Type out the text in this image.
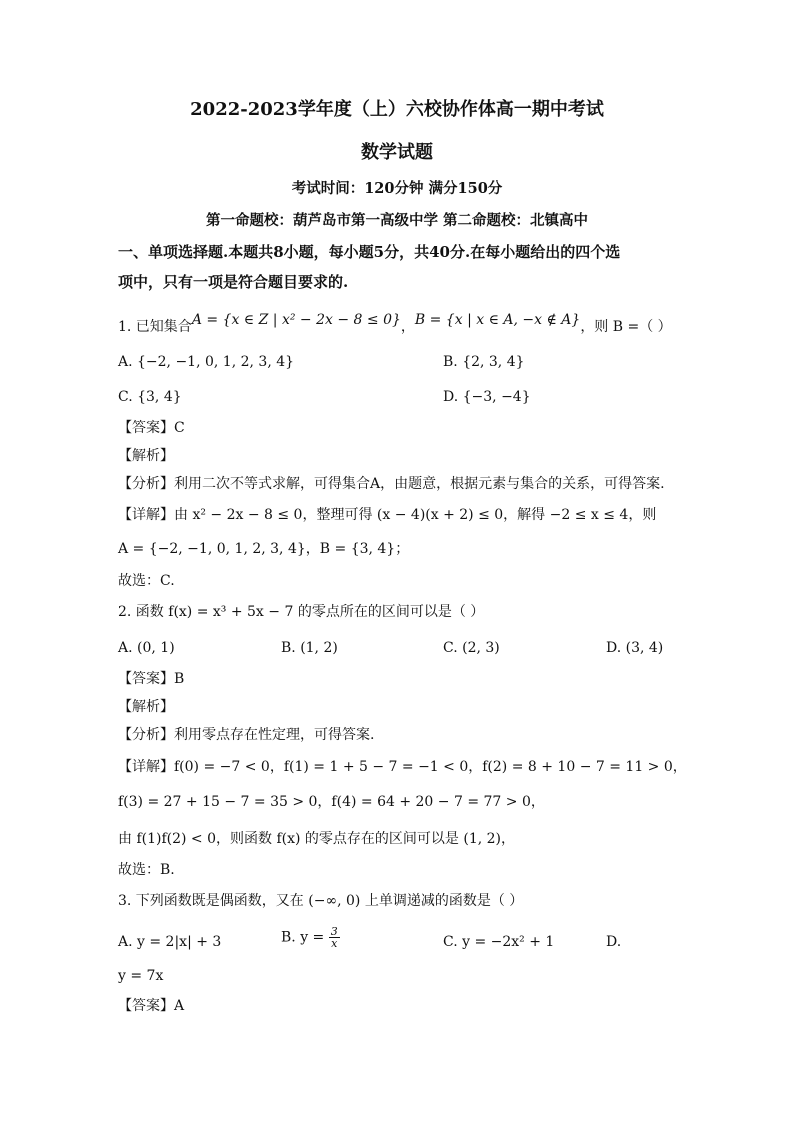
2022-2023学年度（上）六校协作体高一期中考试
数学试题
考试时间：120分钟 满分150分
第一命题校：葫芦岛市第一高级中学 第二命题校：北镇高中
一、单项选择题.本题共8小题，每小题5分，共40分.在每小题给出的四个选
项中，只有一项是符合题目要求的.
1. 已知集合A = {x ∈ Z | x² − 2x − 8 ≤ 0}，B = {x | x ∈ A, −x ∉ A}，则 B =（ ）
A. {−2, −1, 0, 1, 2, 3, 4}	B. {2, 3, 4}
C. {3, 4}	D. {−3, −4}
【答案】C
【解析】
【分析】利用二次不等式求解，可得集合A，由题意，根据元素与集合的关系，可得答案.
【详解】由 x² − 2x − 8 ≤ 0，整理可得 (x − 4)(x + 2) ≤ 0，解得 −2 ≤ x ≤ 4，则
A = {−2, −1, 0, 1, 2, 3, 4}，B = {3, 4}；
故选：C.
2. 函数 f(x) = x³ + 5x − 7 的零点所在的区间可以是（ ）
A. (0, 1)	B. (1, 2)	C. (2, 3)	D. (3, 4)
【答案】B
【解析】
【分析】利用零点存在性定理，可得答案.
【详解】f(0) = −7 < 0，f(1) = 1 + 5 − 7 = −1 < 0，f(2) = 8 + 10 − 7 = 11 > 0，
f(3) = 27 + 15 − 7 = 35 > 0，f(4) = 64 + 20 − 7 = 77 > 0，
由 f(1)f(2) < 0，则函数 f(x) 的零点存在的区间可以是 (1, 2)，
故选：B.
3. 下列函数既是偶函数，又在 (−∞, 0) 上单调递减的函数是（ ）
A. y = 2|x| + 3	B. $y = \frac{3}{x}$	C. y = −2x² + 1	D.
y = 7x
【答案】A
